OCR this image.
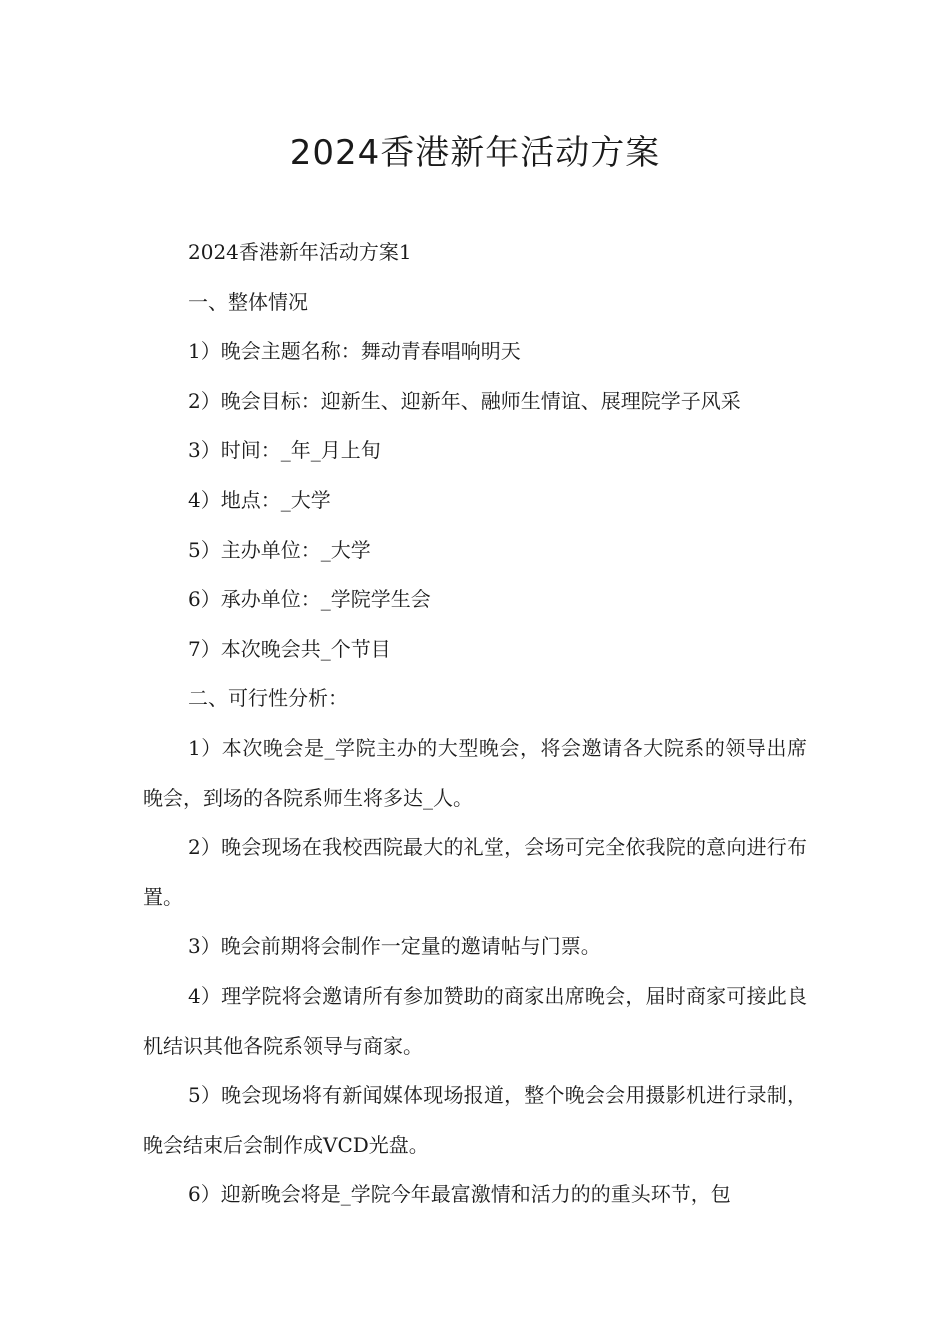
2024香港新年活动方案

2024香港新年活动方案1

一、整体情况

1）晚会主题名称：舞动青春唱响明天

2）晚会目标：迎新生、迎新年、融师生情谊、展理院学子风采

3）时间：_年_月上旬

4）地点：_大学

5）主办单位：_大学

6）承办单位：_学院学生会

7）本次晚会共_个节目

二、可行性分析：

1）本次晚会是_学院主办的大型晚会，将会邀请各大院系的领导出席晚会，到场的各院系师生将多达_人。

2）晚会现场在我校西院最大的礼堂，会场可完全依我院的意向进行布置。

3）晚会前期将会制作一定量的邀请帖与门票。

4）理学院将会邀请所有参加赞助的商家出席晚会，届时商家可接此良机结识其他各院系领导与商家。

5）晚会现场将有新闻媒体现场报道，整个晚会会用摄影机进行录制，晚会结束后会制作成VCD光盘。

6）迎新晚会将是_学院今年最富激情和活力的的重头环节，包
